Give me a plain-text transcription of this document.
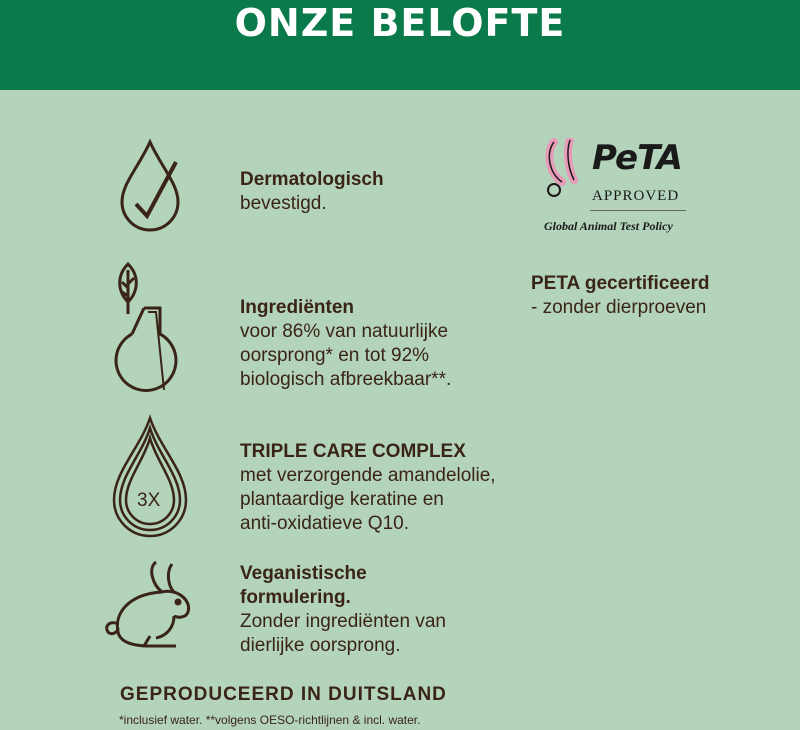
ONZE BELOFTE
Dermatologisch
bevestigd.
Ingrediënten
voor 86% van natuurlijke
oorsprong* en tot 92%
biologisch afbreekbaar**.
3X
TRIPLE CARE COMPLEX
met verzorgende amandelolie,
plantaardige keratine en
anti-oxidatieve Q10.
Veganistische
formulering.
Zonder ingrediënten van
dierlijke oorsprong.
PeTA
APPROVED
Global Animal Test Policy
PETA gecertificeerd
- zonder dierproeven
GEPRODUCEERD IN DUITSLAND
*inclusief water. **volgens OESO-richtlijnen & incl. water.
